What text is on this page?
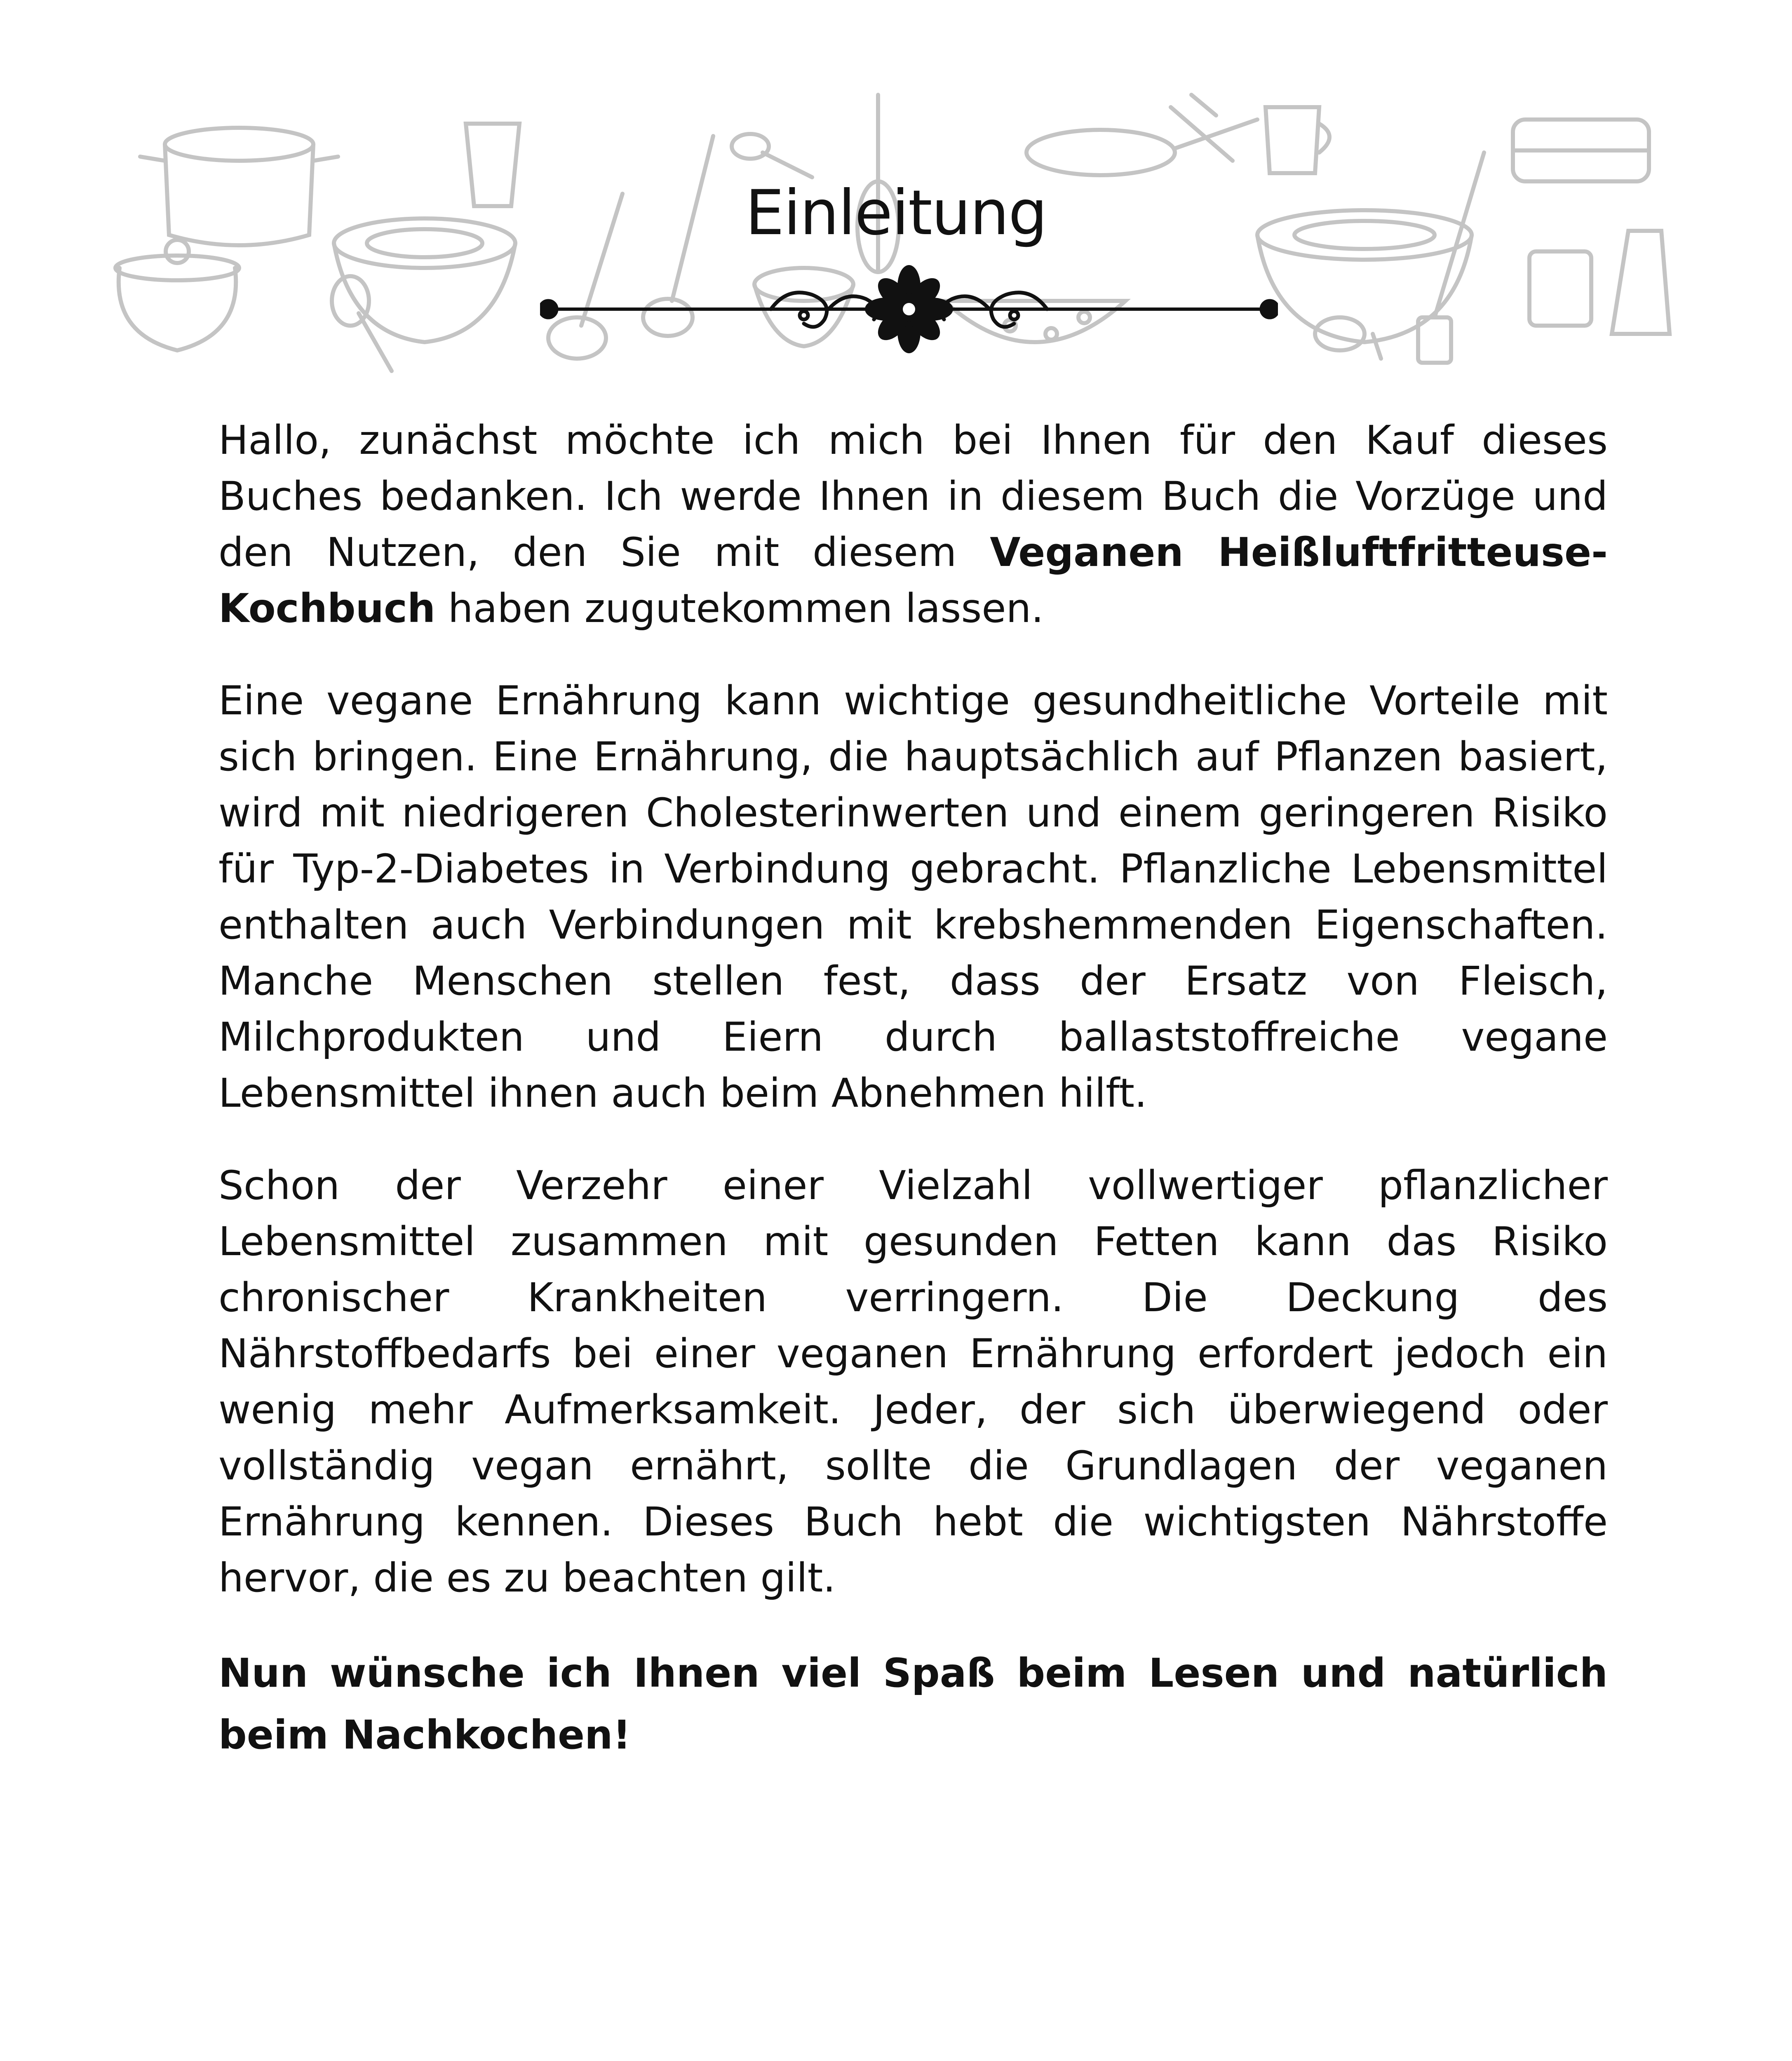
Einleitung

Hallo, zunächst möchte ich mich bei Ihnen für den Kauf dieses Buches bedanken. Ich werde Ihnen in diesem Buch die Vorzüge und den Nutzen, den Sie mit diesem Veganen Heißluftfritteuse-Kochbuch haben zugutekommen lassen.

Eine vegane Ernährung kann wichtige gesundheitliche Vorteile mit sich bringen. Eine Ernährung, die hauptsächlich auf Pflanzen basiert, wird mit niedrigeren Cholesterinwerten und einem geringeren Risiko für Typ-2-Diabetes in Verbindung gebracht. Pflanzliche Lebensmittel enthalten auch Verbindungen mit krebshemmenden Eigenschaften. Manche Menschen stellen fest, dass der Ersatz von Fleisch, Milchprodukten und Eiern durch ballaststoffreiche vegane Lebensmittel ihnen auch beim Abnehmen hilft.

Schon der Verzehr einer Vielzahl vollwertiger pflanzlicher Lebensmittel zusammen mit gesunden Fetten kann das Risiko chronischer Krankheiten verringern. Die Deckung des Nährstoffbedarfs bei einer veganen Ernährung erfordert jedoch ein wenig mehr Aufmerksamkeit. Jeder, der sich überwiegend oder vollständig vegan ernährt, sollte die Grundlagen der veganen Ernährung kennen. Dieses Buch hebt die wichtigsten Nährstoffe hervor, die es zu beachten gilt.

Nun wünsche ich Ihnen viel Spaß beim Lesen und natürlich beim Nachkochen!
